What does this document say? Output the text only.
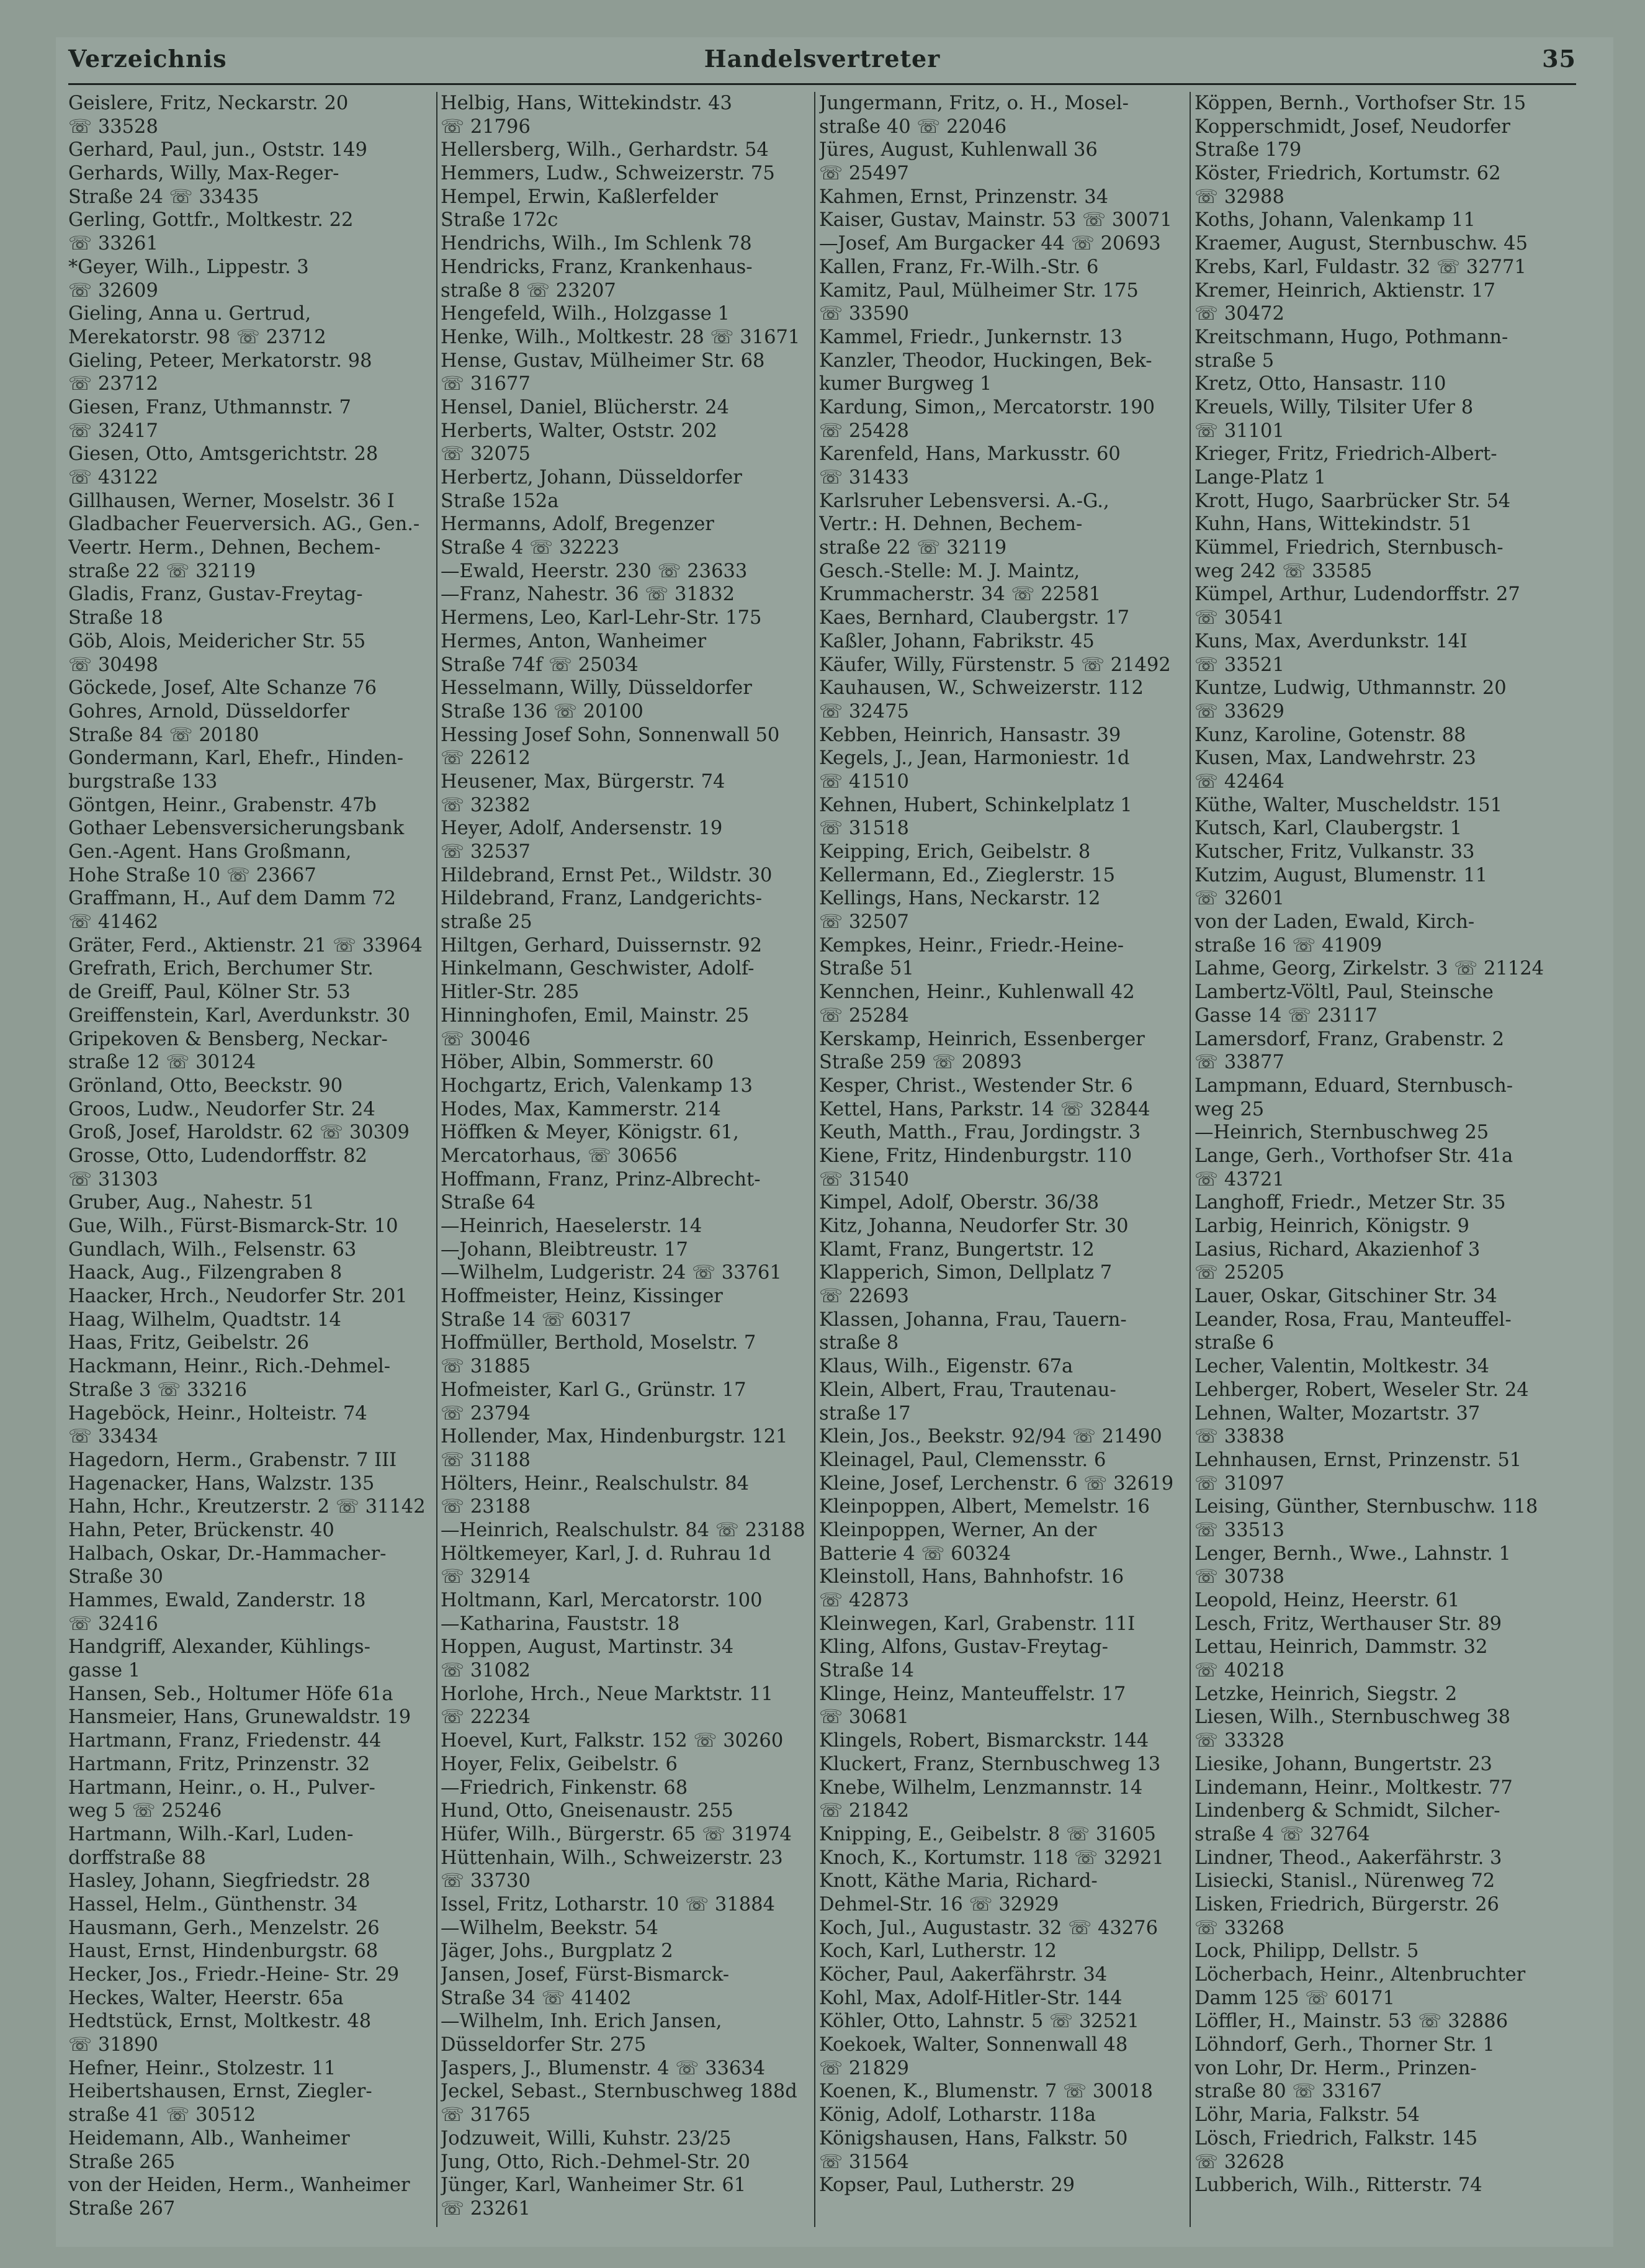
Verzeichnis	Handelsvertreter	35
Geislere, Fritz, Neckarstr. 20
☏ 33528
Gerhard, Paul, jun., Oststr. 149
Gerhards, Willy, Max-Reger-
Straße 24 ☏ 33435
Gerling, Gottfr., Moltkestr. 22
☏ 33261
*Geyer, Wilh., Lippestr. 3
☏ 32609
Gieling, Anna u. Gertrud,
Merekatorstr. 98 ☏ 23712
Gieling, Peteer, Merkatorstr. 98
☏ 23712
Giesen, Franz, Uthmannstr. 7
☏ 32417
Giesen, Otto, Amtsgerichtstr. 28
☏ 43122
Gillhausen, Werner, Moselstr. 36 I
Gladbacher Feuerversich. AG., Gen.-
Veertr. Herm., Dehnen, Bechem-
straße 22 ☏ 32119
Gladis, Franz, Gustav-Freytag-
Straße 18
Göb, Alois, Meidericher Str. 55
☏ 30498
Göckede, Josef, Alte Schanze 76
Gohres, Arnold, Düsseldorfer
Straße 84 ☏ 20180
Gondermann, Karl, Ehefr., Hinden-
burgstraße 133
Göntgen, Heinr., Grabenstr. 47b
Gothaer Lebensversicherungsbank
Gen.-Agent. Hans Großmann,
Hohe Straße 10 ☏ 23667
Graffmann, H., Auf dem Damm 72
☏ 41462
Gräter, Ferd., Aktienstr. 21 ☏ 33964
Grefrath, Erich, Berchumer Str.
de Greiff, Paul, Kölner Str. 53
Greiffenstein, Karl, Averdunkstr. 30
Gripekoven & Bensberg, Neckar-
straße 12 ☏ 30124
Grönland, Otto, Beeckstr. 90
Groos, Ludw., Neudorfer Str. 24
Groß, Josef, Haroldstr. 62 ☏ 30309
Grosse, Otto, Ludendorffstr. 82
☏ 31303
Gruber, Aug., Nahestr. 51
Gue, Wilh., Fürst-Bismarck-Str. 10
Gundlach, Wilh., Felsenstr. 63
Haack, Aug., Filzengraben 8
Haacker, Hrch., Neudorfer Str. 201
Haag, Wilhelm, Quadtstr. 14
Haas, Fritz, Geibelstr. 26
Hackmann, Heinr., Rich.-Dehmel-
Straße 3 ☏ 33216
Hageböck, Heinr., Holteistr. 74
☏ 33434
Hagedorn, Herm., Grabenstr. 7 III
Hagenacker, Hans, Walzstr. 135
Hahn, Hchr., Kreutzerstr. 2 ☏ 31142
Hahn, Peter, Brückenstr. 40
Halbach, Oskar, Dr.-Hammacher-
Straße 30
Hammes, Ewald, Zanderstr. 18
☏ 32416
Handgriff, Alexander, Kühlings-
gasse 1
Hansen, Seb., Holtumer Höfe 61a
Hansmeier, Hans, Grunewaldstr. 19
Hartmann, Franz, Friedenstr. 44
Hartmann, Fritz, Prinzenstr. 32
Hartmann, Heinr., o. H., Pulver-
weg 5 ☏ 25246
Hartmann, Wilh.-Karl, Luden-
dorffstraße 88
Hasley, Johann, Siegfriedstr. 28
Hassel, Helm., Günthenstr. 34
Hausmann, Gerh., Menzelstr. 26
Haust, Ernst, Hindenburgstr. 68
Hecker, Jos., Friedr.-Heine- Str. 29
Heckes, Walter, Heerstr. 65a
Hedtstück, Ernst, Moltkestr. 48
☏ 31890
Hefner, Heinr., Stolzestr. 11
Heibertshausen, Ernst, Ziegler-
straße 41 ☏ 30512
Heidemann, Alb., Wanheimer
Straße 265
von der Heiden, Herm., Wanheimer
Straße 267
Helbig, Hans, Wittekindstr. 43
☏ 21796
Hellersberg, Wilh., Gerhardstr. 54
Hemmers, Ludw., Schweizerstr. 75
Hempel, Erwin, Kaßlerfelder
Straße 172c
Hendrichs, Wilh., Im Schlenk 78
Hendricks, Franz, Krankenhaus-
straße 8 ☏ 23207
Hengefeld, Wilh., Holzgasse 1
Henke, Wilh., Moltkestr. 28 ☏ 31671
Hense, Gustav, Mülheimer Str. 68
☏ 31677
Hensel, Daniel, Blücherstr. 24
Herberts, Walter, Oststr. 202
☏ 32075
Herbertz, Johann, Düsseldorfer
Straße 152a
Hermanns, Adolf, Bregenzer
Straße 4 ☏ 32223
—Ewald, Heerstr. 230 ☏ 23633
—Franz, Nahestr. 36 ☏ 31832
Hermens, Leo, Karl-Lehr-Str. 175
Hermes, Anton, Wanheimer
Straße 74f ☏ 25034
Hesselmann, Willy, Düsseldorfer
Straße 136 ☏ 20100
Hessing Josef Sohn, Sonnenwall 50
☏ 22612
Heusener, Max, Bürgerstr. 74
☏ 32382
Heyer, Adolf, Andersenstr. 19
☏ 32537
Hildebrand, Ernst Pet., Wildstr. 30
Hildebrand, Franz, Landgerichts-
straße 25
Hiltgen, Gerhard, Duissernstr. 92
Hinkelmann, Geschwister, Adolf-
Hitler-Str. 285
Hinninghofen, Emil, Mainstr. 25
☏ 30046
Höber, Albin, Sommerstr. 60
Hochgartz, Erich, Valenkamp 13
Hodes, Max, Kammerstr. 214
Höffken & Meyer, Königstr. 61,
Mercatorhaus, ☏ 30656
Hoffmann, Franz, Prinz-Albrecht-
Straße 64
—Heinrich, Haeselerstr. 14
—Johann, Bleibtreustr. 17
—Wilhelm, Ludgeristr. 24 ☏ 33761
Hoffmeister, Heinz, Kissinger
Straße 14 ☏ 60317
Hoffmüller, Berthold, Moselstr. 7
☏ 31885
Hofmeister, Karl G., Grünstr. 17
☏ 23794
Hollender, Max, Hindenburgstr. 121
☏ 31188
Hölters, Heinr., Realschulstr. 84
☏ 23188
—Heinrich, Realschulstr. 84 ☏ 23188
Höltkemeyer, Karl, J. d. Ruhrau 1d
☏ 32914
Holtmann, Karl, Mercatorstr. 100
—Katharina, Fauststr. 18
Hoppen, August, Martinstr. 34
☏ 31082
Horlohe, Hrch., Neue Marktstr. 11
☏ 22234
Hoevel, Kurt, Falkstr. 152 ☏ 30260
Hoyer, Felix, Geibelstr. 6
—Friedrich, Finkenstr. 68
Hund, Otto, Gneisenaustr. 255
Hüfer, Wilh., Bürgerstr. 65 ☏ 31974
Hüttenhain, Wilh., Schweizerstr. 23
☏ 33730
Issel, Fritz, Lotharstr. 10 ☏ 31884
—Wilhelm, Beekstr. 54
Jäger, Johs., Burgplatz 2
Jansen, Josef, Fürst-Bismarck-
Straße 34 ☏ 41402
—Wilhelm, Inh. Erich Jansen,
Düsseldorfer Str. 275
Jaspers, J., Blumenstr. 4 ☏ 33634
Jeckel, Sebast., Sternbuschweg 188d
☏ 31765
Jodzuweit, Willi, Kuhstr. 23/25
Jung, Otto, Rich.-Dehmel-Str. 20
Jünger, Karl, Wanheimer Str. 61
☏ 23261
Jungermann, Fritz, o. H., Mosel-
straße 40 ☏ 22046
Jüres, August, Kuhlenwall 36
☏ 25497
Kahmen, Ernst, Prinzenstr. 34
Kaiser, Gustav, Mainstr. 53 ☏ 30071
—Josef, Am Burgacker 44 ☏ 20693
Kallen, Franz, Fr.-Wilh.-Str. 6
Kamitz, Paul, Mülheimer Str. 175
☏ 33590
Kammel, Friedr., Junkernstr. 13
Kanzler, Theodor, Huckingen, Bek-
kumer Burgweg 1
Kardung, Simon,, Mercatorstr. 190
☏ 25428
Karenfeld, Hans, Markusstr. 60
☏ 31433
Karlsruher Lebensversi. A.-G.,
Vertr.: H. Dehnen, Bechem-
straße 22 ☏ 32119
Gesch.-Stelle: M. J. Maintz,
Krummacherstr. 34 ☏ 22581
Kaes, Bernhard, Claubergstr. 17
Kaßler, Johann, Fabrikstr. 45
Käufer, Willy, Fürstenstr. 5 ☏ 21492
Kauhausen, W., Schweizerstr. 112
☏ 32475
Kebben, Heinrich, Hansastr. 39
Kegels, J., Jean, Harmoniestr. 1d
☏ 41510
Kehnen, Hubert, Schinkelplatz 1
☏ 31518
Keipping, Erich, Geibelstr. 8
Kellermann, Ed., Zieglerstr. 15
Kellings, Hans, Neckarstr. 12
☏ 32507
Kempkes, Heinr., Friedr.-Heine-
Straße 51
Kennchen, Heinr., Kuhlenwall 42
☏ 25284
Kerskamp, Heinrich, Essenberger
Straße 259 ☏ 20893
Kesper, Christ., Westender Str. 6
Kettel, Hans, Parkstr. 14 ☏ 32844
Keuth, Matth., Frau, Jordingstr. 3
Kiene, Fritz, Hindenburgstr. 110
☏ 31540
Kimpel, Adolf, Oberstr. 36/38
Kitz, Johanna, Neudorfer Str. 30
Klamt, Franz, Bungertstr. 12
Klapperich, Simon, Dellplatz 7
☏ 22693
Klassen, Johanna, Frau, Tauern-
straße 8
Klaus, Wilh., Eigenstr. 67a
Klein, Albert, Frau, Trautenau-
straße 17
Klein, Jos., Beekstr. 92/94 ☏ 21490
Kleinagel, Paul, Clemensstr. 6
Kleine, Josef, Lerchenstr. 6 ☏ 32619
Kleinpoppen, Albert, Memelstr. 16
Kleinpoppen, Werner, An der
Batterie 4 ☏ 60324
Kleinstoll, Hans, Bahnhofstr. 16
☏ 42873
Kleinwegen, Karl, Grabenstr. 11I
Kling, Alfons, Gustav-Freytag-
Straße 14
Klinge, Heinz, Manteuffelstr. 17
☏ 30681
Klingels, Robert, Bismarckstr. 144
Kluckert, Franz, Sternbuschweg 13
Knebe, Wilhelm, Lenzmannstr. 14
☏ 21842
Knipping, E., Geibelstr. 8 ☏ 31605
Knoch, K., Kortumstr. 118 ☏ 32921
Knott, Käthe Maria, Richard-
Dehmel-Str. 16 ☏ 32929
Koch, Jul., Augustastr. 32 ☏ 43276
Koch, Karl, Lutherstr. 12
Köcher, Paul, Aakerfährstr. 34
Kohl, Max, Adolf-Hitler-Str. 144
Köhler, Otto, Lahnstr. 5 ☏ 32521
Koekoek, Walter, Sonnenwall 48
☏ 21829
Koenen, K., Blumenstr. 7 ☏ 30018
König, Adolf, Lotharstr. 118a
Königshausen, Hans, Falkstr. 50
☏ 31564
Kopser, Paul, Lutherstr. 29
Köppen, Bernh., Vorthofser Str. 15
Kopperschmidt, Josef, Neudorfer
Straße 179
Köster, Friedrich, Kortumstr. 62
☏ 32988
Koths, Johann, Valenkamp 11
Kraemer, August, Sternbuschw. 45
Krebs, Karl, Fuldastr. 32 ☏ 32771
Kremer, Heinrich, Aktienstr. 17
☏ 30472
Kreitschmann, Hugo, Pothmann-
straße 5
Kretz, Otto, Hansastr. 110
Kreuels, Willy, Tilsiter Ufer 8
☏ 31101
Krieger, Fritz, Friedrich-Albert-
Lange-Platz 1
Krott, Hugo, Saarbrücker Str. 54
Kuhn, Hans, Wittekindstr. 51
Kümmel, Friedrich, Sternbusch-
weg 242 ☏ 33585
Kümpel, Arthur, Ludendorffstr. 27
☏ 30541
Kuns, Max, Averdunkstr. 14I
☏ 33521
Kuntze, Ludwig, Uthmannstr. 20
☏ 33629
Kunz, Karoline, Gotenstr. 88
Kusen, Max, Landwehrstr. 23
☏ 42464
Küthe, Walter, Muscheldstr. 151
Kutsch, Karl, Claubergstr. 1
Kutscher, Fritz, Vulkanstr. 33
Kutzim, August, Blumenstr. 11
☏ 32601
von der Laden, Ewald, Kirch-
straße 16 ☏ 41909
Lahme, Georg, Zirkelstr. 3 ☏ 21124
Lambertz-Völtl, Paul, Steinsche
Gasse 14 ☏ 23117
Lamersdorf, Franz, Grabenstr. 2
☏ 33877
Lampmann, Eduard, Sternbusch-
weg 25
—Heinrich, Sternbuschweg 25
Lange, Gerh., Vorthofser Str. 41a
☏ 43721
Langhoff, Friedr., Metzer Str. 35
Larbig, Heinrich, Königstr. 9
Lasius, Richard, Akazienhof 3
☏ 25205
Lauer, Oskar, Gitschiner Str. 34
Leander, Rosa, Frau, Manteuffel-
straße 6
Lecher, Valentin, Moltkestr. 34
Lehberger, Robert, Weseler Str. 24
Lehnen, Walter, Mozartstr. 37
☏ 33838
Lehnhausen, Ernst, Prinzenstr. 51
☏ 31097
Leising, Günther, Sternbuschw. 118
☏ 33513
Lenger, Bernh., Wwe., Lahnstr. 1
☏ 30738
Leopold, Heinz, Heerstr. 61
Lesch, Fritz, Werthauser Str. 89
Lettau, Heinrich, Dammstr. 32
☏ 40218
Letzke, Heinrich, Siegstr. 2
Liesen, Wilh., Sternbuschweg 38
☏ 33328
Liesike, Johann, Bungertstr. 23
Lindemann, Heinr., Moltkestr. 77
Lindenberg & Schmidt, Silcher-
straße 4 ☏ 32764
Lindner, Theod., Aakerfährstr. 3
Lisiecki, Stanisl., Nürenweg 72
Lisken, Friedrich, Bürgerstr. 26
☏ 33268
Lock, Philipp, Dellstr. 5
Löcherbach, Heinr., Altenbruchter
Damm 125 ☏ 60171
Löffler, H., Mainstr. 53 ☏ 32886
Löhndorf, Gerh., Thorner Str. 1
von Lohr, Dr. Herm., Prinzen-
straße 80 ☏ 33167
Löhr, Maria, Falkstr. 54
Lösch, Friedrich, Falkstr. 145
☏ 32628
Lubberich, Wilh., Ritterstr. 74
